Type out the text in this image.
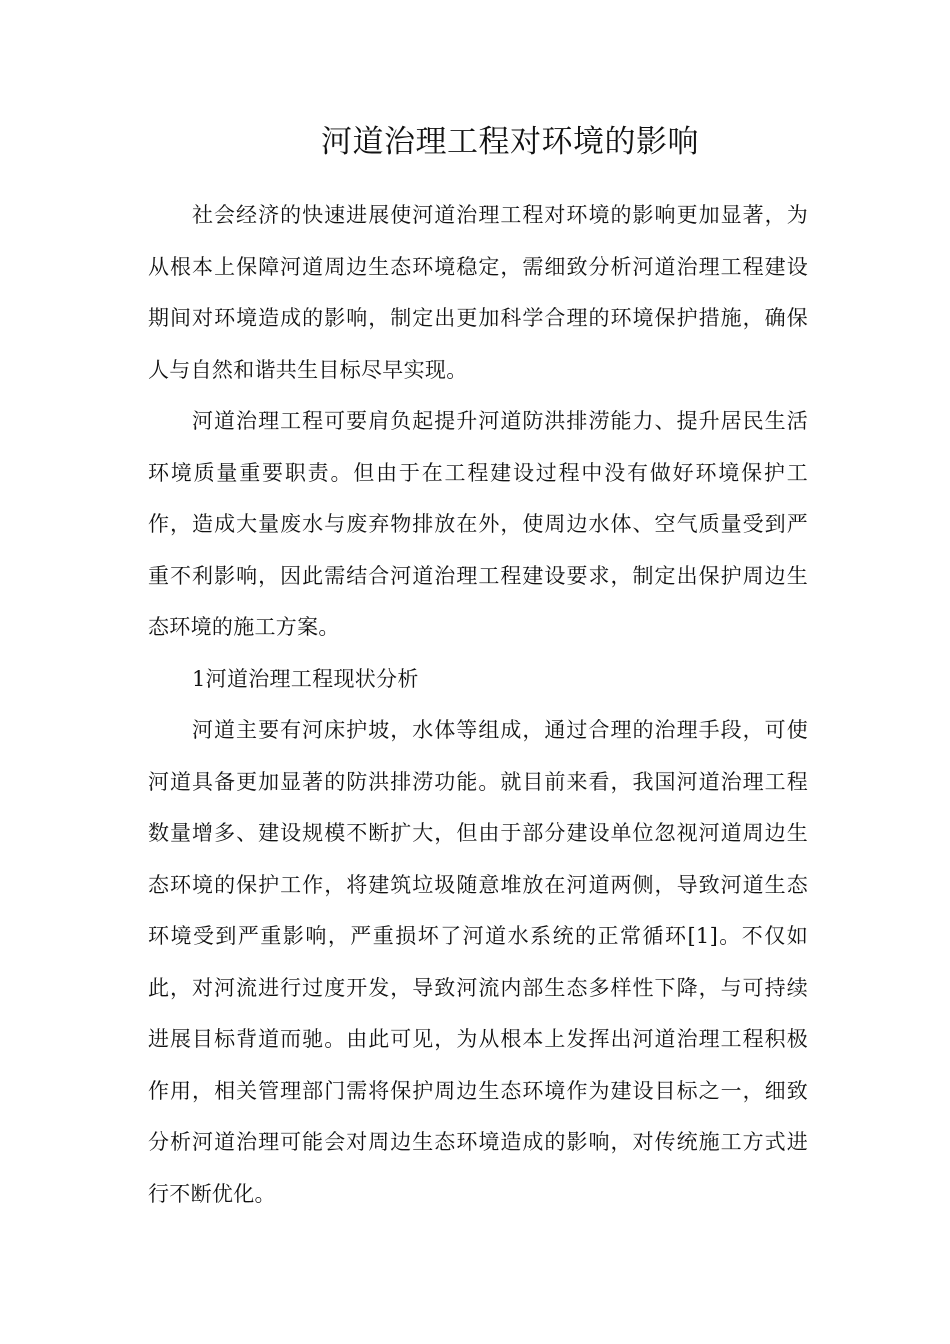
河道治理工程对环境的影响

社会经济的快速进展使河道治理工程对环境的影响更加显著，为从根本上保障河道周边生态环境稳定，需细致分析河道治理工程建设期间对环境造成的影响，制定出更加科学合理的环境保护措施，确保人与自然和谐共生目标尽早实现。

河道治理工程可要肩负起提升河道防洪排涝能力、提升居民生活环境质量重要职责。但由于在工程建设过程中没有做好环境保护工作，造成大量废水与废弃物排放在外，使周边水体、空气质量受到严重不利影响，因此需结合河道治理工程建设要求，制定出保护周边生态环境的施工方案。

1河道治理工程现状分析

河道主要有河床护坡，水体等组成，通过合理的治理手段，可使河道具备更加显著的防洪排涝功能。就目前来看，我国河道治理工程数量增多、建设规模不断扩大，但由于部分建设单位忽视河道周边生态环境的保护工作，将建筑垃圾随意堆放在河道两侧，导致河道生态环境受到严重影响，严重损坏了河道水系统的正常循环[1]。不仅如此，对河流进行过度开发，导致河流内部生态多样性下降，与可持续进展目标背道而驰。由此可见，为从根本上发挥出河道治理工程积极作用，相关管理部门需将保护周边生态环境作为建设目标之一，细致分析河道治理可能会对周边生态环境造成的影响，对传统施工方式进行不断优化。
